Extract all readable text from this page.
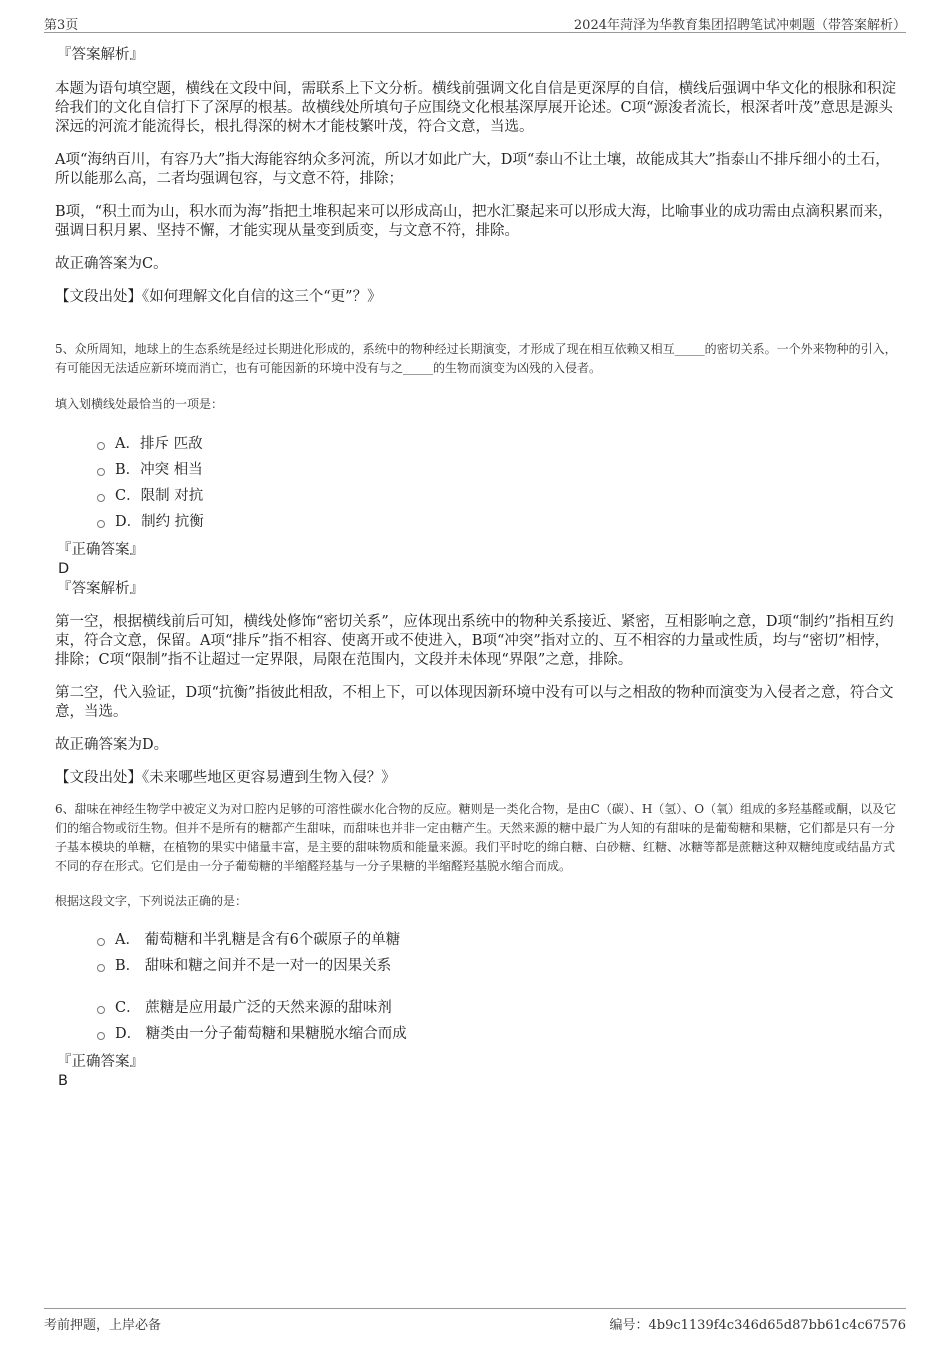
第3页	2024年菏泽为华教育集团招聘笔试冲刺题（带答案解析）

『答案解析』

本题为语句填空题，横线在文段中间，需联系上下文分析。横线前强调文化自信是更深厚的自信，横线后强调中华文化的根脉和积淀给我们的文化自信打下了深厚的根基。故横线处所填句子应围绕文化根基深厚展开论述。C项“源浚者流长，根深者叶茂”意思是源头深远的河流才能流得长，根扎得深的树木才能枝繁叶茂，符合文意，当选。

A项“海纳百川，有容乃大”指大海能容纳众多河流，所以才如此广大，D项“泰山不让土壤，故能成其大”指泰山不排斥细小的土石，所以能那么高，二者均强调包容，与文意不符，排除；

B项，“积土而为山，积水而为海”指把土堆积起来可以形成高山，把水汇聚起来可以形成大海，比喻事业的成功需由点滴积累而来，强调日积月累、坚持不懈，才能实现从量变到质变，与文意不符，排除。

故正确答案为C。

【文段出处】《如何理解文化自信的这三个“更”？》

5、众所周知，地球上的生态系统是经过长期进化形成的，系统中的物种经过长期演变，才形成了现在相互依赖又相互_____的密切关系。一个外来物种的引入，有可能因无法适应新环境而消亡，也有可能因新的环境中没有与之_____的生物而演变为凶残的入侵者。

填入划横线处最恰当的一项是：

A．排斥 匹敌
B．冲突 相当
C．限制 对抗
D．制约 抗衡

『正确答案』

D

『答案解析』

第一空，根据横线前后可知，横线处修饰“密切关系”，应体现出系统中的物种关系接近、紧密，互相影响之意，D项“制约”指相互约束，符合文意，保留。A项“排斥”指不相容、使离开或不使进入，B项“冲突”指对立的、互不相容的力量或性质，均与“密切”相悖，排除；C项“限制”指不让超过一定界限，局限在范围内，文段并未体现“界限”之意，排除。

第二空，代入验证，D项“抗衡”指彼此相敌，不相上下，可以体现因新环境中没有可以与之相敌的物种而演变为入侵者之意，符合文意，当选。

故正确答案为D。

【文段出处】《未来哪些地区更容易遭到生物入侵？》

6、甜味在神经生物学中被定义为对口腔内足够的可溶性碳水化合物的反应。糖则是一类化合物，是由C（碳）、H（氢）、O（氧）组成的多羟基醛或酮，以及它们的缩合物或衍生物。但并不是所有的糖都产生甜味，而甜味也并非一定由糖产生。天然来源的糖中最广为人知的有甜味的是葡萄糖和果糖，它们都是只有一分子基本模块的单糖，在植物的果实中储量丰富，是主要的甜味物质和能量来源。我们平时吃的绵白糖、白砂糖、红糖、冰糖等都是蔗糖这种双糖纯度或结晶方式不同的存在形式。它们是由一分子葡萄糖的半缩醛羟基与一分子果糖的半缩醛羟基脱水缩合而成。

根据这段文字，下列说法正确的是：

A． 葡萄糖和半乳糖是含有6个碳原子的单糖
B． 甜味和糖之间并不是一对一的因果关系
C． 蔗糖是应用最广泛的天然来源的甜味剂
D． 糖类由一分子葡萄糖和果糖脱水缩合而成

『正确答案』

B

考前押题，上岸必备	编号：4b9c1139f4c346d65d87bb61c4c67576
